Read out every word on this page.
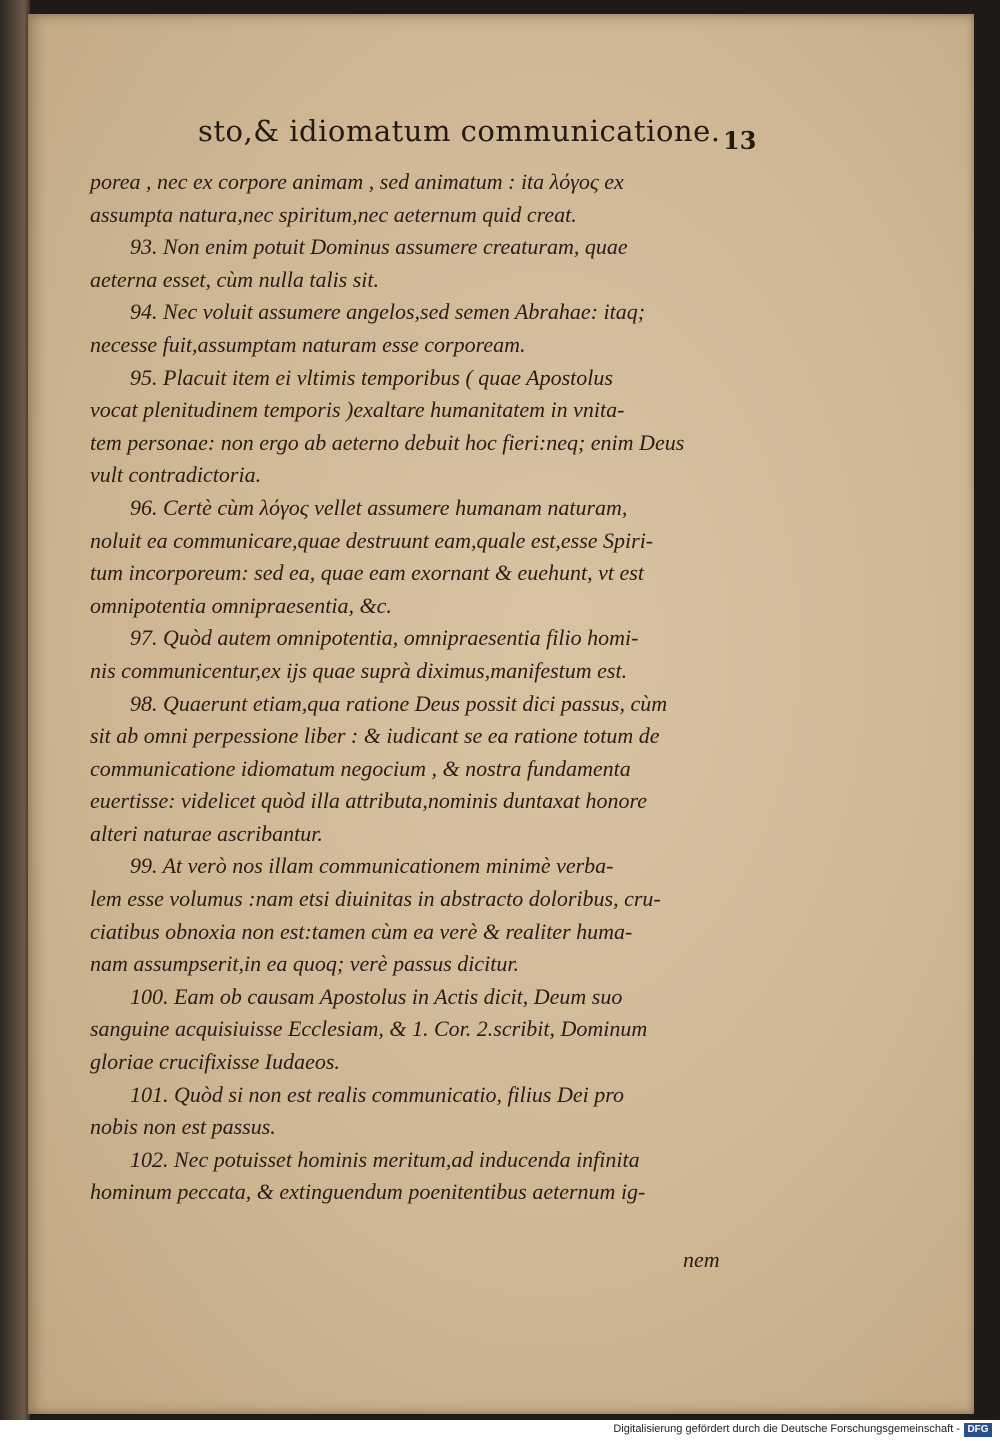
sto,& idiomatum communicatione. 13
porea , nec ex corpore animam , sed animatum : ita λόγος ex
assumpta natura,nec spiritum,nec aeternum quid creat.
93. Non enim potuit Dominus assumere creaturam, quae
aeterna esset, cùm nulla talis sit.
94. Nec voluit assumere angelos,sed semen Abrahae: itaq;
necesse fuit,assumptam naturam esse corpoream.
95. Placuit item ei vltimis temporibus ( quae Apostolus
vocat plenitudinem temporis )exaltare humanitatem in vnita-
tem personae: non ergo ab aeterno debuit hoc fieri:neq; enim Deus
vult contradictoria.
96. Certè cùm λόγος vellet assumere humanam naturam,
noluit ea communicare,quae destruunt eam,quale est,esse Spiri-
tum incorporeum: sed ea, quae eam exornant & euehunt, vt est
omnipotentia omnipraesentia, &c.
97. Quòd autem omnipotentia, omnipraesentia filio homi-
nis communicentur,ex ijs quae suprà diximus,manifestum est.
98. Quaerunt etiam,qua ratione Deus possit dici passus, cùm
sit ab omni perpessione liber : & iudicant se ea ratione totum de
communicatione idiomatum negocium , & nostra fundamenta
euertisse: videlicet quòd illa attributa,nominis duntaxat honore
alteri naturae ascribantur.
99. At verò nos illam communicationem minimè verba-
lem esse volumus :nam etsi diuinitas in abstracto doloribus, cru-
ciatibus obnoxia non est:tamen cùm ea verè & realiter huma-
nam assumpserit,in ea quoq; verè passus dicitur.
100. Eam ob causam Apostolus in Actis dicit, Deum suo
sanguine acquisiuisse Ecclesiam, & 1. Cor. 2.scribit, Dominum
gloriae crucifixisse Iudaeos.
101. Quòd si non est realis communicatio, filius Dei pro
nobis non est passus.
102. Nec potuisset hominis meritum,ad inducenda infinita
hominum peccata, & extinguendum poenitentibus aeternum ig-
nem
Digitalisierung gefördert durch die Deutsche Forschungsgemeinschaft - DFG
